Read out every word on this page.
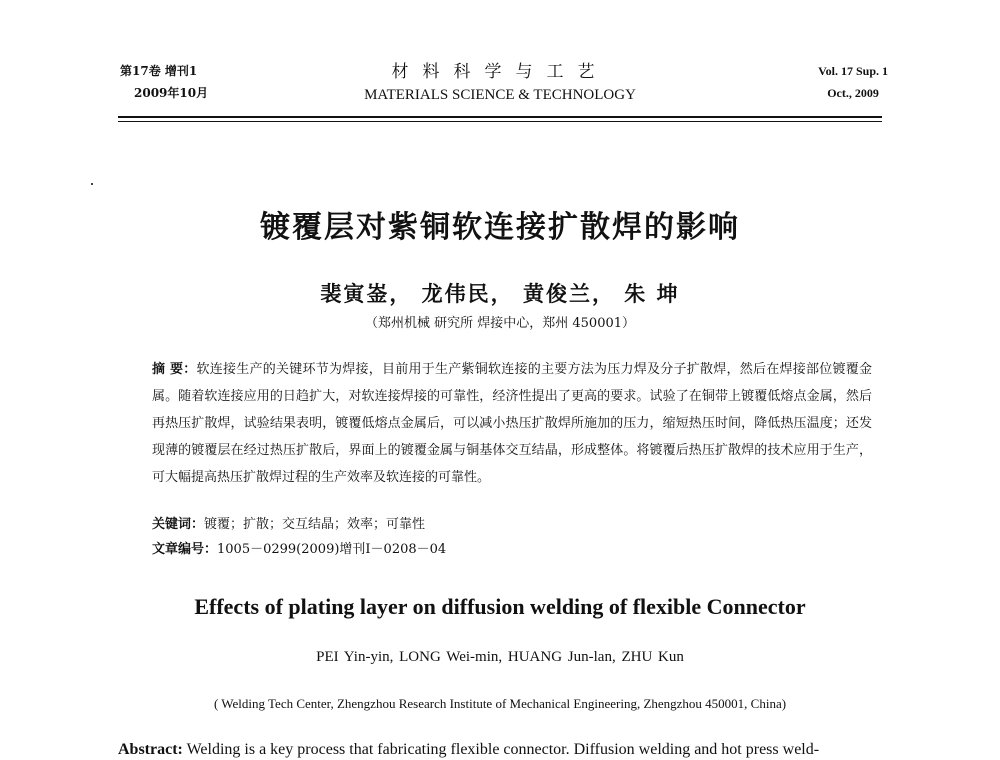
第17卷 增刊1
2009年10月
材料科学与工艺
MATERIALS SCIENCE & TECHNOLOGY
Vol. 17 Sup. 1
Oct., 2009
镀覆层对紫铜软连接扩散焊的影响
裴寅崟， 龙伟民， 黄俊兰， 朱 坤
（郑州机械 研究所 焊接中心，郑州 450001）
摘 要：软连接生产的关键环节为焊接，目前用于生产紫铜软连接的主要方法为压力焊及分子扩散焊，然后在焊接部位镀覆金属。随着软连接应用的日趋扩大，对软连接焊接的可靠性，经济性提出了更高的要求。试验了在铜带上镀覆低熔点金属，然后再热压扩散焊，试验结果表明，镀覆低熔点金属后，可以减小热压扩散焊所施加的压力，缩短热压时间，降低热压温度；还发现薄的镀覆层在经过热压扩散后，界面上的镀覆金属与铜基体交互结晶，形成整体。将镀覆后热压扩散焊的技术应用于生产，可大幅提高热压扩散焊过程的生产效率及软连接的可靠性。
关键词：镀覆；扩散；交互结晶；效率；可靠性
文章编号：1005－0299(2009)增刊Ⅰ－0208－04
Effects of plating layer on diffusion welding of flexible Connector
PEI Yin-yin, LONG Wei-min, HUANG Jun-lan, ZHU Kun
( Welding Tech Center, Zhengzhou Research Institute of Mechanical Engineering, Zhengzhou 450001, China)
Abstract: Welding is a key process that fabricating flexible connector. Diffusion welding and hot press weld-
